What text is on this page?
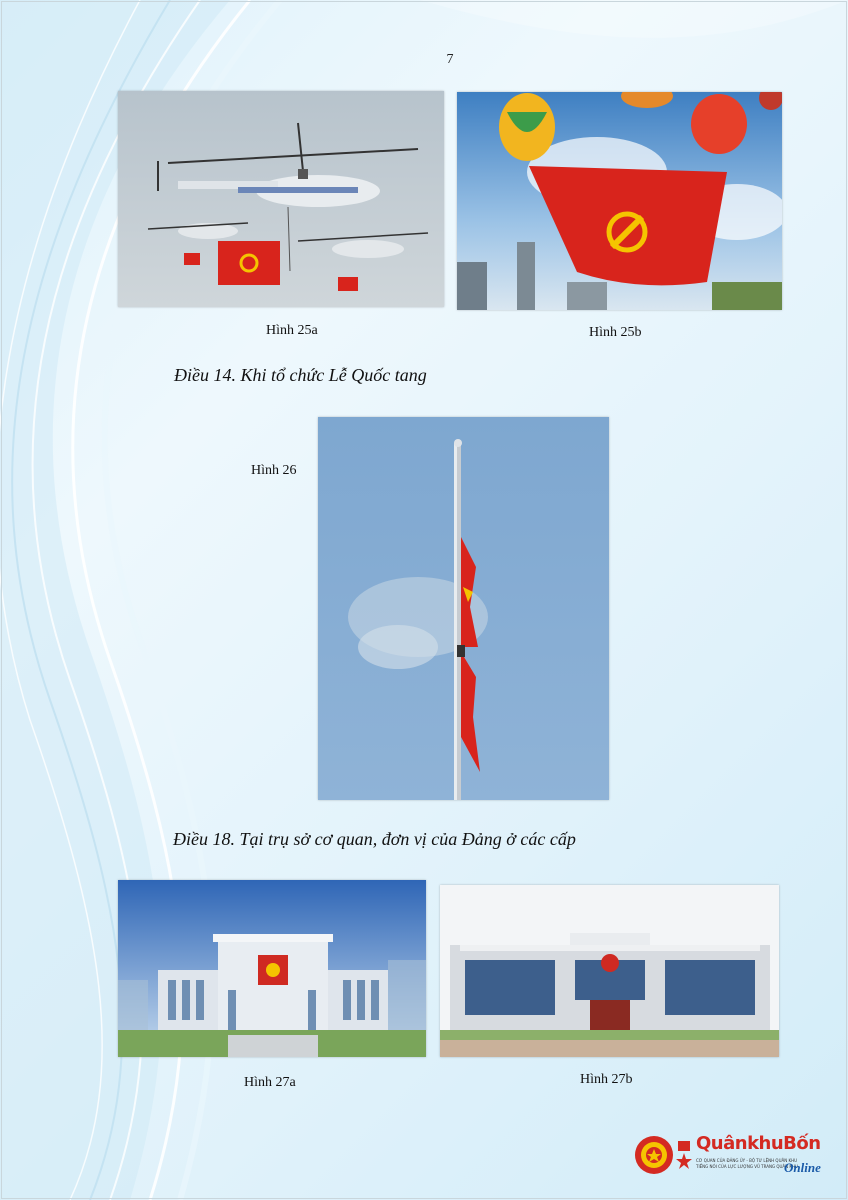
7
Hình 25a	Hình 25b
Điều 14. Khi tổ chức Lễ Quốc tang
Hình 26
Điều 18. Tại trụ sở cơ quan, đơn vị của Đảng ở các cấp
Hình 27a	Hình 27b
QuânkhuBốn
CƠ QUAN CỦA ĐẢNG ỦY - BỘ TƯ LỆNH QUÂN KHU
TIẾNG NÓI CỦA LỰC LƯỢNG VŨ TRANG QUÂN KHU
Online
